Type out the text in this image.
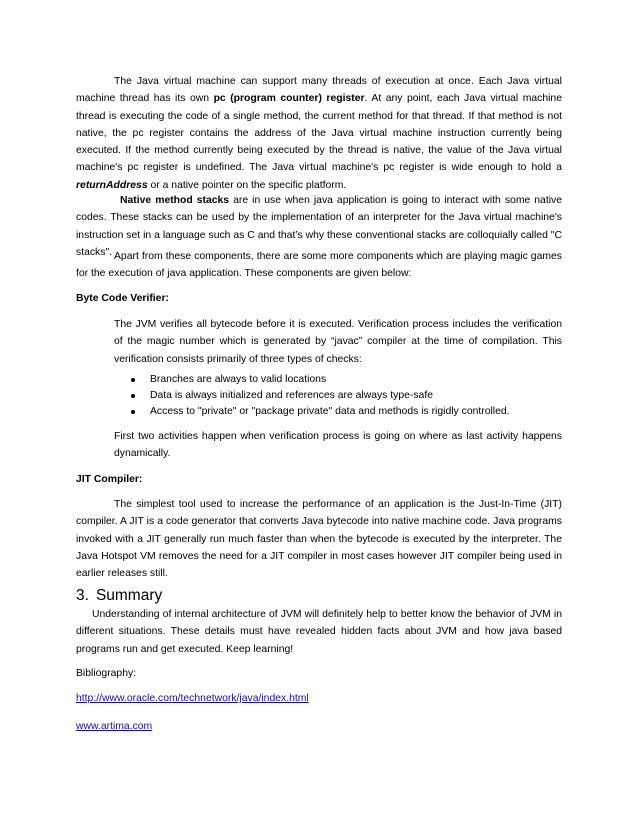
The Java virtual machine can support many threads of execution at once. Each Java virtual machine thread has its own pc (program counter) register. At any point, each Java virtual machine thread is executing the code of a single method, the current method for that thread. If that method is not native, the pc register contains the address of the Java virtual machine instruction currently being executed. If the method currently being executed by the thread is native, the value of the Java virtual machine's pc register is undefined. The Java virtual machine's pc register is wide enough to hold a returnAddress or a native pointer on the specific platform.

Native method stacks are in use when java application is going to interact with some native codes. These stacks can be used by the implementation of an interpreter for the Java virtual machine's instruction set in a language such as C and that’s why these conventional stacks are colloquially called "C stacks". Apart from these components, there are some more components which are playing magic games for the execution of java application. These components are given below:

Byte Code Verifier:

The JVM verifies all bytecode before it is executed. Verification process includes the verification of the magic number which is generated by “javac” compiler at the time of compilation. This verification consists primarily of three types of checks:

Branches are always to valid locations
Data is always initialized and references are always type-safe
Access to "private" or "package private" data and methods is rigidly controlled.

First two activities happen when verification process is going on where as last activity happens dynamically.

JIT Compiler:

The simplest tool used to increase the performance of an application is the Just-In-Time (JIT) compiler. A JIT is a code generator that converts Java bytecode into native machine code. Java programs invoked with a JIT generally run much faster than when the bytecode is executed by the interpreter. The Java Hotspot VM removes the need for a JIT compiler in most cases however JIT compiler being used in earlier releases still.

3. Summary

Understanding of internal architecture of JVM will definitely help to better know the behavior of JVM in different situations. These details must have revealed hidden facts about JVM and how java based programs run and get executed. Keep learning!

Bibliography:

http://www.oracle.com/technetwork/java/index.html
www.artima.com
